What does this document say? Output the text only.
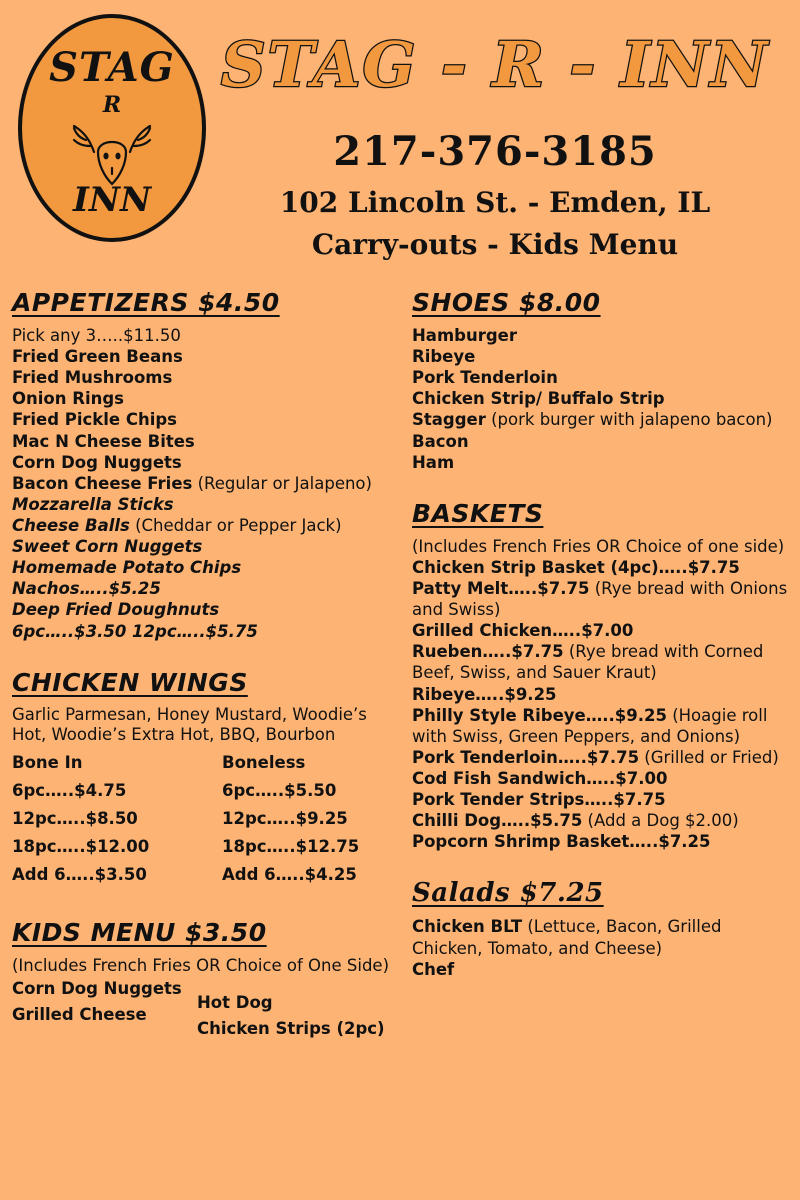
STAG
R
INN
STAG - R - INN
217-376-3185
102 Lincoln St. - Emden, IL
Carry-outs - Kids Menu
APPETIZERS $4.50
Pick any 3…..$11.50
Fried Green Beans
Fried Mushrooms
Onion Rings
Fried Pickle Chips
Mac N Cheese Bites
Corn Dog Nuggets
Bacon Cheese Fries (Regular or Jalapeno)
Mozzarella Sticks
Cheese Balls (Cheddar or Pepper Jack)
Sweet Corn Nuggets
Homemade Potato Chips
Nachos…..$5.25
Deep Fried Doughnuts
6pc…..$3.50 12pc…..$5.75
CHICKEN WINGS
Garlic Parmesan, Honey Mustard, Woodie’s Hot, Woodie’s Extra Hot, BBQ, Bourbon
Bone In	Boneless
6pc…..$4.75	6pc…..$5.50
12pc…..$8.50	12pc…..$9.25
18pc…..$12.00	18pc…..$12.75
Add 6…..$3.50	Add 6…..$4.25
KIDS MENU $3.50
(Includes French Fries OR Choice of One Side)
Corn Dog Nuggets
Grilled Cheese
Hot Dog
Chicken Strips (2pc)
SHOES $8.00
Hamburger
Ribeye
Pork Tenderloin
Chicken Strip/ Buffalo Strip
Stagger (pork burger with jalapeno bacon)
Bacon
Ham
BASKETS
(Includes French Fries OR Choice of one side)
Chicken Strip Basket (4pc)…..$7.75
Patty Melt…..$7.75 (Rye bread with Onions and Swiss)
Grilled Chicken…..$7.00
Rueben…..$7.75 (Rye bread with Corned Beef, Swiss, and Sauer Kraut)
Ribeye…..$9.25
Philly Style Ribeye…..$9.25 (Hoagie roll with Swiss, Green Peppers, and Onions)
Pork Tenderloin…..$7.75 (Grilled or Fried)
Cod Fish Sandwich…..$7.00
Pork Tender Strips…..$7.75
Chilli Dog…..$5.75 (Add a Dog $2.00)
Popcorn Shrimp Basket…..$7.25
Salads $7.25
Chicken BLT (Lettuce, Bacon, Grilled Chicken, Tomato, and Cheese)
Chef
